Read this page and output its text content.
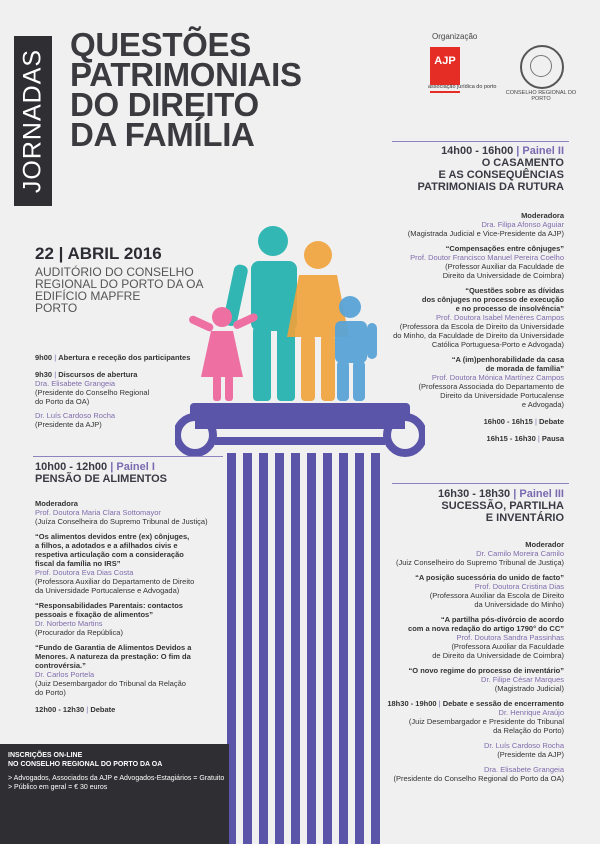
JORNADAS
QUESTÕES
PATRIMONIAIS
DO DIREITO
DA FAMÍLIA
Organização
AJP
associação jurídica do porto
CONSELHO REGIONAL DO PORTO
22 | ABRIL 2016
AUDITÓRIO DO CONSELHO
REGIONAL DO PORTO DA OA
EDIFÍCIO MAPFRE
PORTO
9h00 | Abertura e receção dos participantes
9h30 | Discursos de abertura
Dra. Elisabete Grangeia
(Presidente do Conselho Regional
do Porto da OA)
Dr. Luís Cardoso Rocha
(Presidente da AJP)
10h00 - 12h00 | Painel I
PENSÃO DE ALIMENTOS
Moderadora
Prof. Doutora Maria Clara Sottomayor
(Juíza Conselheira do Supremo Tribunal de Justiça)
“Os alimentos devidos entre (ex) cônjuges,
a filhos, a adotados e a afilhados civis e
respetiva articulação com a consideração
fiscal da família no IRS”
Prof. Doutora Eva Dias Costa
(Professora Auxiliar do Departamento de Direito
da Universidade Portucalense e Advogada)
“Responsabilidades Parentais: contactos
pessoais e fixação de alimentos”
Dr. Norberto Martins
(Procurador da República)
“Fundo de Garantia de Alimentos Devidos a
Menores. A natureza da prestação: O fim da
controvérsia.”
Dr. Carlos Portela
(Juiz Desembargador do Tribunal da Relação
do Porto)
12h00 - 12h30 | Debate
14h00 - 16h00 | Painel II
O CASAMENTO
E AS CONSEQUÊNCIAS
PATRIMONIAIS DA RUTURA
Moderadora
Dra. Filipa Afonso Aguiar
(Magistrada Judicial e Vice-Presidente da AJP)
“Compensações entre cônjuges”
Prof. Doutor Francisco Manuel Pereira Coelho
(Professor Auxiliar da Faculdade de
Direito da Universidade de Coimbra)
“Questões sobre as dívidas
dos cônjuges no processo de execução
e no processo de insolvência”
Prof. Doutora Isabel Menéres Campos
(Professora da Escola de Direito da Universidade
do Minho, da Faculdade de Direito da Universidade
Católica Portuguesa-Porto e Advogada)
“A (im)penhorabilidade da casa
de morada de família”
Prof. Doutora Mónica Martínez Campos
(Professora Associada do Departamento de
Direito da Universidade Portucalense
e Advogada)
16h00 - 16h15 | Debate
16h15 - 16h30 | Pausa
16h30 - 18h30 | Painel III
SUCESSÃO, PARTILHA
E INVENTÁRIO
Moderador
Dr. Camilo Moreira Camilo
(Juiz Conselheiro do Supremo Tribunal de Justiça)
“A posição sucessória do unido de facto”
Prof. Doutora Cristina Dias
(Professora Auxiliar da Escola de Direito
da Universidade do Minho)
“A partilha pós-divórcio de acordo
com a nova redação do artigo 1790° do CC”
Prof. Doutora Sandra Passinhas
(Professora Auxiliar da Faculdade
de Direito da Universidade de Coimbra)
“O novo regime do processo de inventário”
Dr. Filipe César Marques
(Magistrado Judicial)
18h30 - 19h00 | Debate e sessão de encerramento
Dr. Henrique Araújo
(Juiz Desembargador e Presidente do Tribunal
da Relação do Porto)
Dr. Luís Cardoso Rocha
(Presidente da AJP)
Dra. Elisabete Grangeia
(Presidente do Conselho Regional do Porto da OA)
INSCRIÇÕES ON-LINE
NO CONSELHO REGIONAL DO PORTO DA OA
> Advogados, Associados da AJP e Advogados-Estagiários = Gratuito
> Público em geral = € 30 euros
